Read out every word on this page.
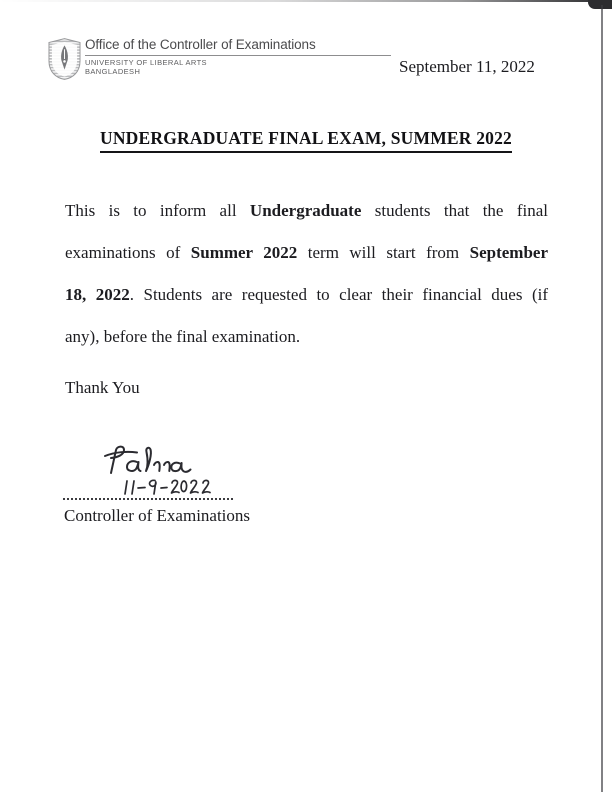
Office of the Controller of Examinations
UNIVERSITY OF LIBERAL ARTS
BANGLADESH	September 11, 2022
UNDERGRADUATE FINAL EXAM, SUMMER 2022
This is to inform all Undergraduate students that the final
examinations of Summer 2022 term will start from September
18, 2022. Students are requested to clear their financial dues (if
any), before the final examination.
Thank You
Controller of Examinations
